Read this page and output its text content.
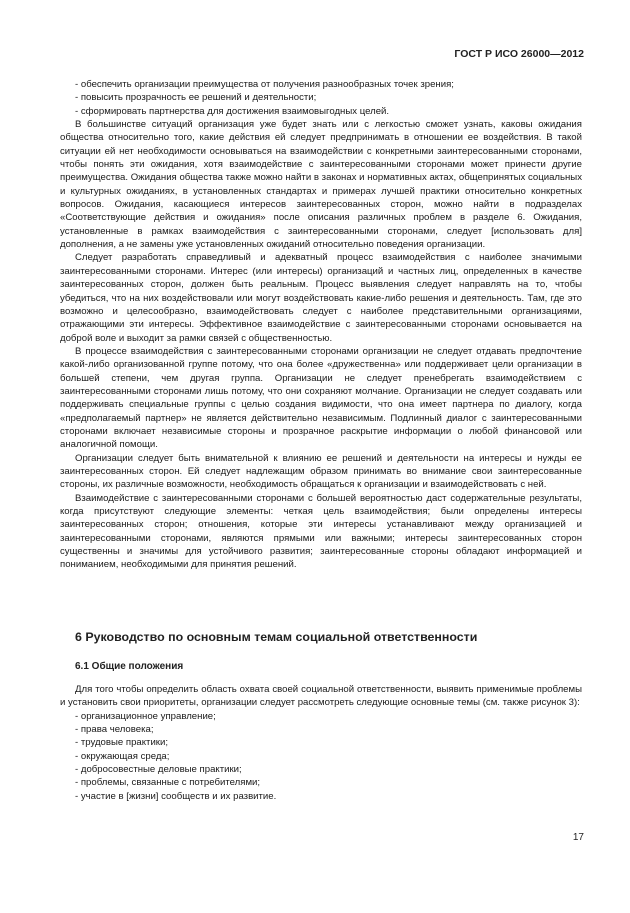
ГОСТ Р ИСО 26000—2012

- обеспечить организации преимущества от получения разнообразных точек зрения;

- повысить прозрачность ее решений и деятельности;

- сформировать партнерства для достижения взаимовыгодных целей.

В большинстве ситуаций организация уже будет знать или с легкостью сможет узнать, каковы ожидания общества относительно того, какие действия ей следует предпринимать в отношении ее воздействия. В такой ситуации ей нет необходимости основываться на взаимодействии с конкретными заинтересованными сторонами, чтобы понять эти ожидания, хотя взаимодействие с заинтересованными сторонами может принести другие преимущества. Ожидания общества также можно найти в законах и нормативных актах, общепринятых социальных и культурных ожиданиях, в установленных стандартах и примерах лучшей практики относительно конкретных вопросов. Ожидания, касающиеся интересов заинтересованных сторон, можно найти в подразделах «Соответствующие действия и ожидания» после описания различных проблем в разделе 6. Ожидания, установленные в рамках взаимодействия с заинтересованными сторонами, следует [использовать для] дополнения, а не замены уже установленных ожиданий относительно поведения организации.

Следует разработать справедливый и адекватный процесс взаимодействия с наиболее значимыми заинтересованными сторонами. Интерес (или интересы) организаций и частных лиц, определенных в качестве заинтересованных сторон, должен быть реальным. Процесс выявления следует направлять на то, чтобы убедиться, что на них воздействовали или могут воздействовать какие-либо решения и деятельность. Там, где это возможно и целесообразно, взаимодействовать следует с наиболее представительными организациями, отражающими эти интересы. Эффективное взаимодействие с заинтересованными сторонами основывается на доброй воле и выходит за рамки связей с общественностью.

В процессе взаимодействия с заинтересованными сторонами организации не следует отдавать предпочтение какой-либо организованной группе потому, что она более «дружественна» или поддерживает цели организации в большей степени, чем другая группа. Организации не следует пренебрегать взаимодействием с заинтересованными сторонами лишь потому, что они сохраняют молчание. Организации не следует создавать или поддерживать специальные группы с целью создания видимости, что она имеет партнера по диалогу, когда «предполагаемый партнер» не является действительно независимым. Подлинный диалог с заинтересованными сторонами включает независимые стороны и прозрачное раскрытие информации о любой финансовой или аналогичной помощи.

Организации следует быть внимательной к влиянию ее решений и деятельности на интересы и нужды ее заинтересованных сторон. Ей следует надлежащим образом принимать во внимание свои заинтересованные стороны, их различные возможности, необходимость обращаться к организации и взаимодействовать с ней.

Взаимодействие с заинтересованными сторонами с большей вероятностью даст содержательные результаты, когда присутствуют следующие элементы: четкая цель взаимодействия; были определены интересы заинтересованных сторон; отношения, которые эти интересы устанавливают между организацией и заинтересованными сторонами, являются прямыми или важными; интересы заинтересованных сторон существенны и значимы для устойчивого развития; заинтересованные стороны обладают информацией и пониманием, необходимыми для принятия решений.

6 Руководство по основным темам социальной ответственности
6.1 Общие положения

Для того чтобы определить область охвата своей социальной ответственности, выявить применимые проблемы и установить свои приоритеты, организации следует рассмотреть следующие основные темы (см. также рисунок 3):

- организационное управление;

- права человека;

- трудовые практики;

- окружающая среда;

- добросовестные деловые практики;

- проблемы, связанные с потребителями;

- участие в [жизни] сообществ и их развитие.

17
